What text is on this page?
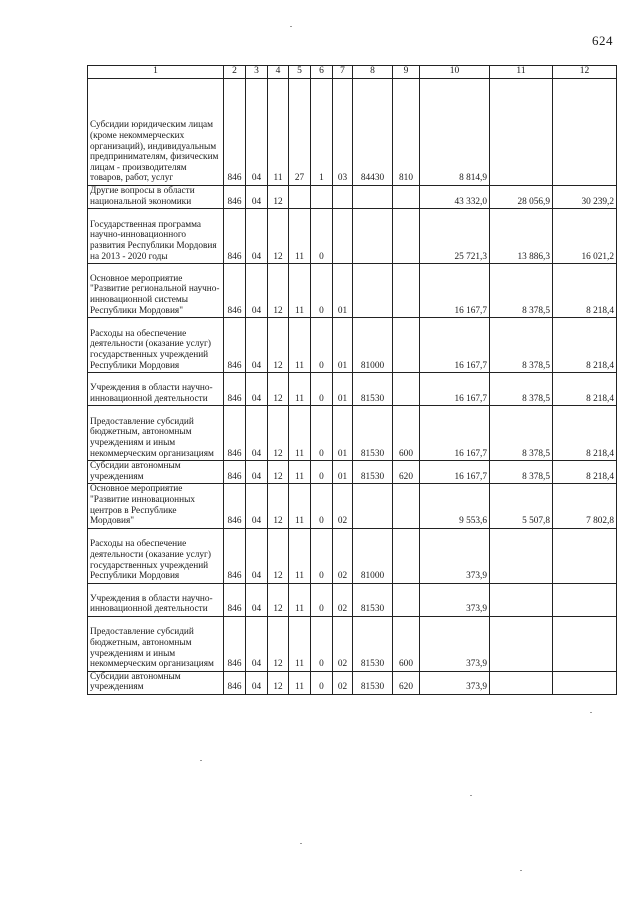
624
1	2	3	4	5	6	7	8	9	10	11	12
Субсидии юридическим лицам (кроме некоммерческих организаций), индивидуальным предпринимателям, физическим лицам - производителям товаров, работ, услуг	846	04	11	27	1	03	84430	810	8 814,9		
Другие вопросы в области национальной экономики	846	04	12						43 332,0	28 056,9	30 239,2
Государственная программа научно-инновационного развития Республики Мордовия на 2013 - 2020 годы	846	04	12	11	0				25 721,3	13 886,3	16 021,2
Основное мероприятие "Развитие региональной научно-инновационной системы Республики Мордовия"	846	04	12	11	0	01			16 167,7	8 378,5	8 218,4
Расходы на обеспечение деятельности (оказание услуг) государственных учреждений Республики Мордовия	846	04	12	11	0	01	81000		16 167,7	8 378,5	8 218,4
Учреждения в области научно-инновационной деятельности	846	04	12	11	0	01	81530		16 167,7	8 378,5	8 218,4
Предоставление субсидий бюджетным, автономным учреждениям и иным некоммерческим организациям	846	04	12	11	0	01	81530	600	16 167,7	8 378,5	8 218,4
Субсидии автономным учреждениям	846	04	12	11	0	01	81530	620	16 167,7	8 378,5	8 218,4
Основное мероприятие "Развитие инновационных центров в Республике Мордовия"	846	04	12	11	0	02			9 553,6	5 507,8	7 802,8
Расходы на обеспечение деятельности (оказание услуг) государственных учреждений Республики Мордовия	846	04	12	11	0	02	81000		373,9		
Учреждения в области научно-инновационной деятельности	846	04	12	11	0	02	81530		373,9		
Предоставление субсидий бюджетным, автономным учреждениям и иным некоммерческим организациям	846	04	12	11	0	02	81530	600	373,9		
Субсидии автономным учреждениям	846	04	12	11	0	02	81530	620	373,9		
